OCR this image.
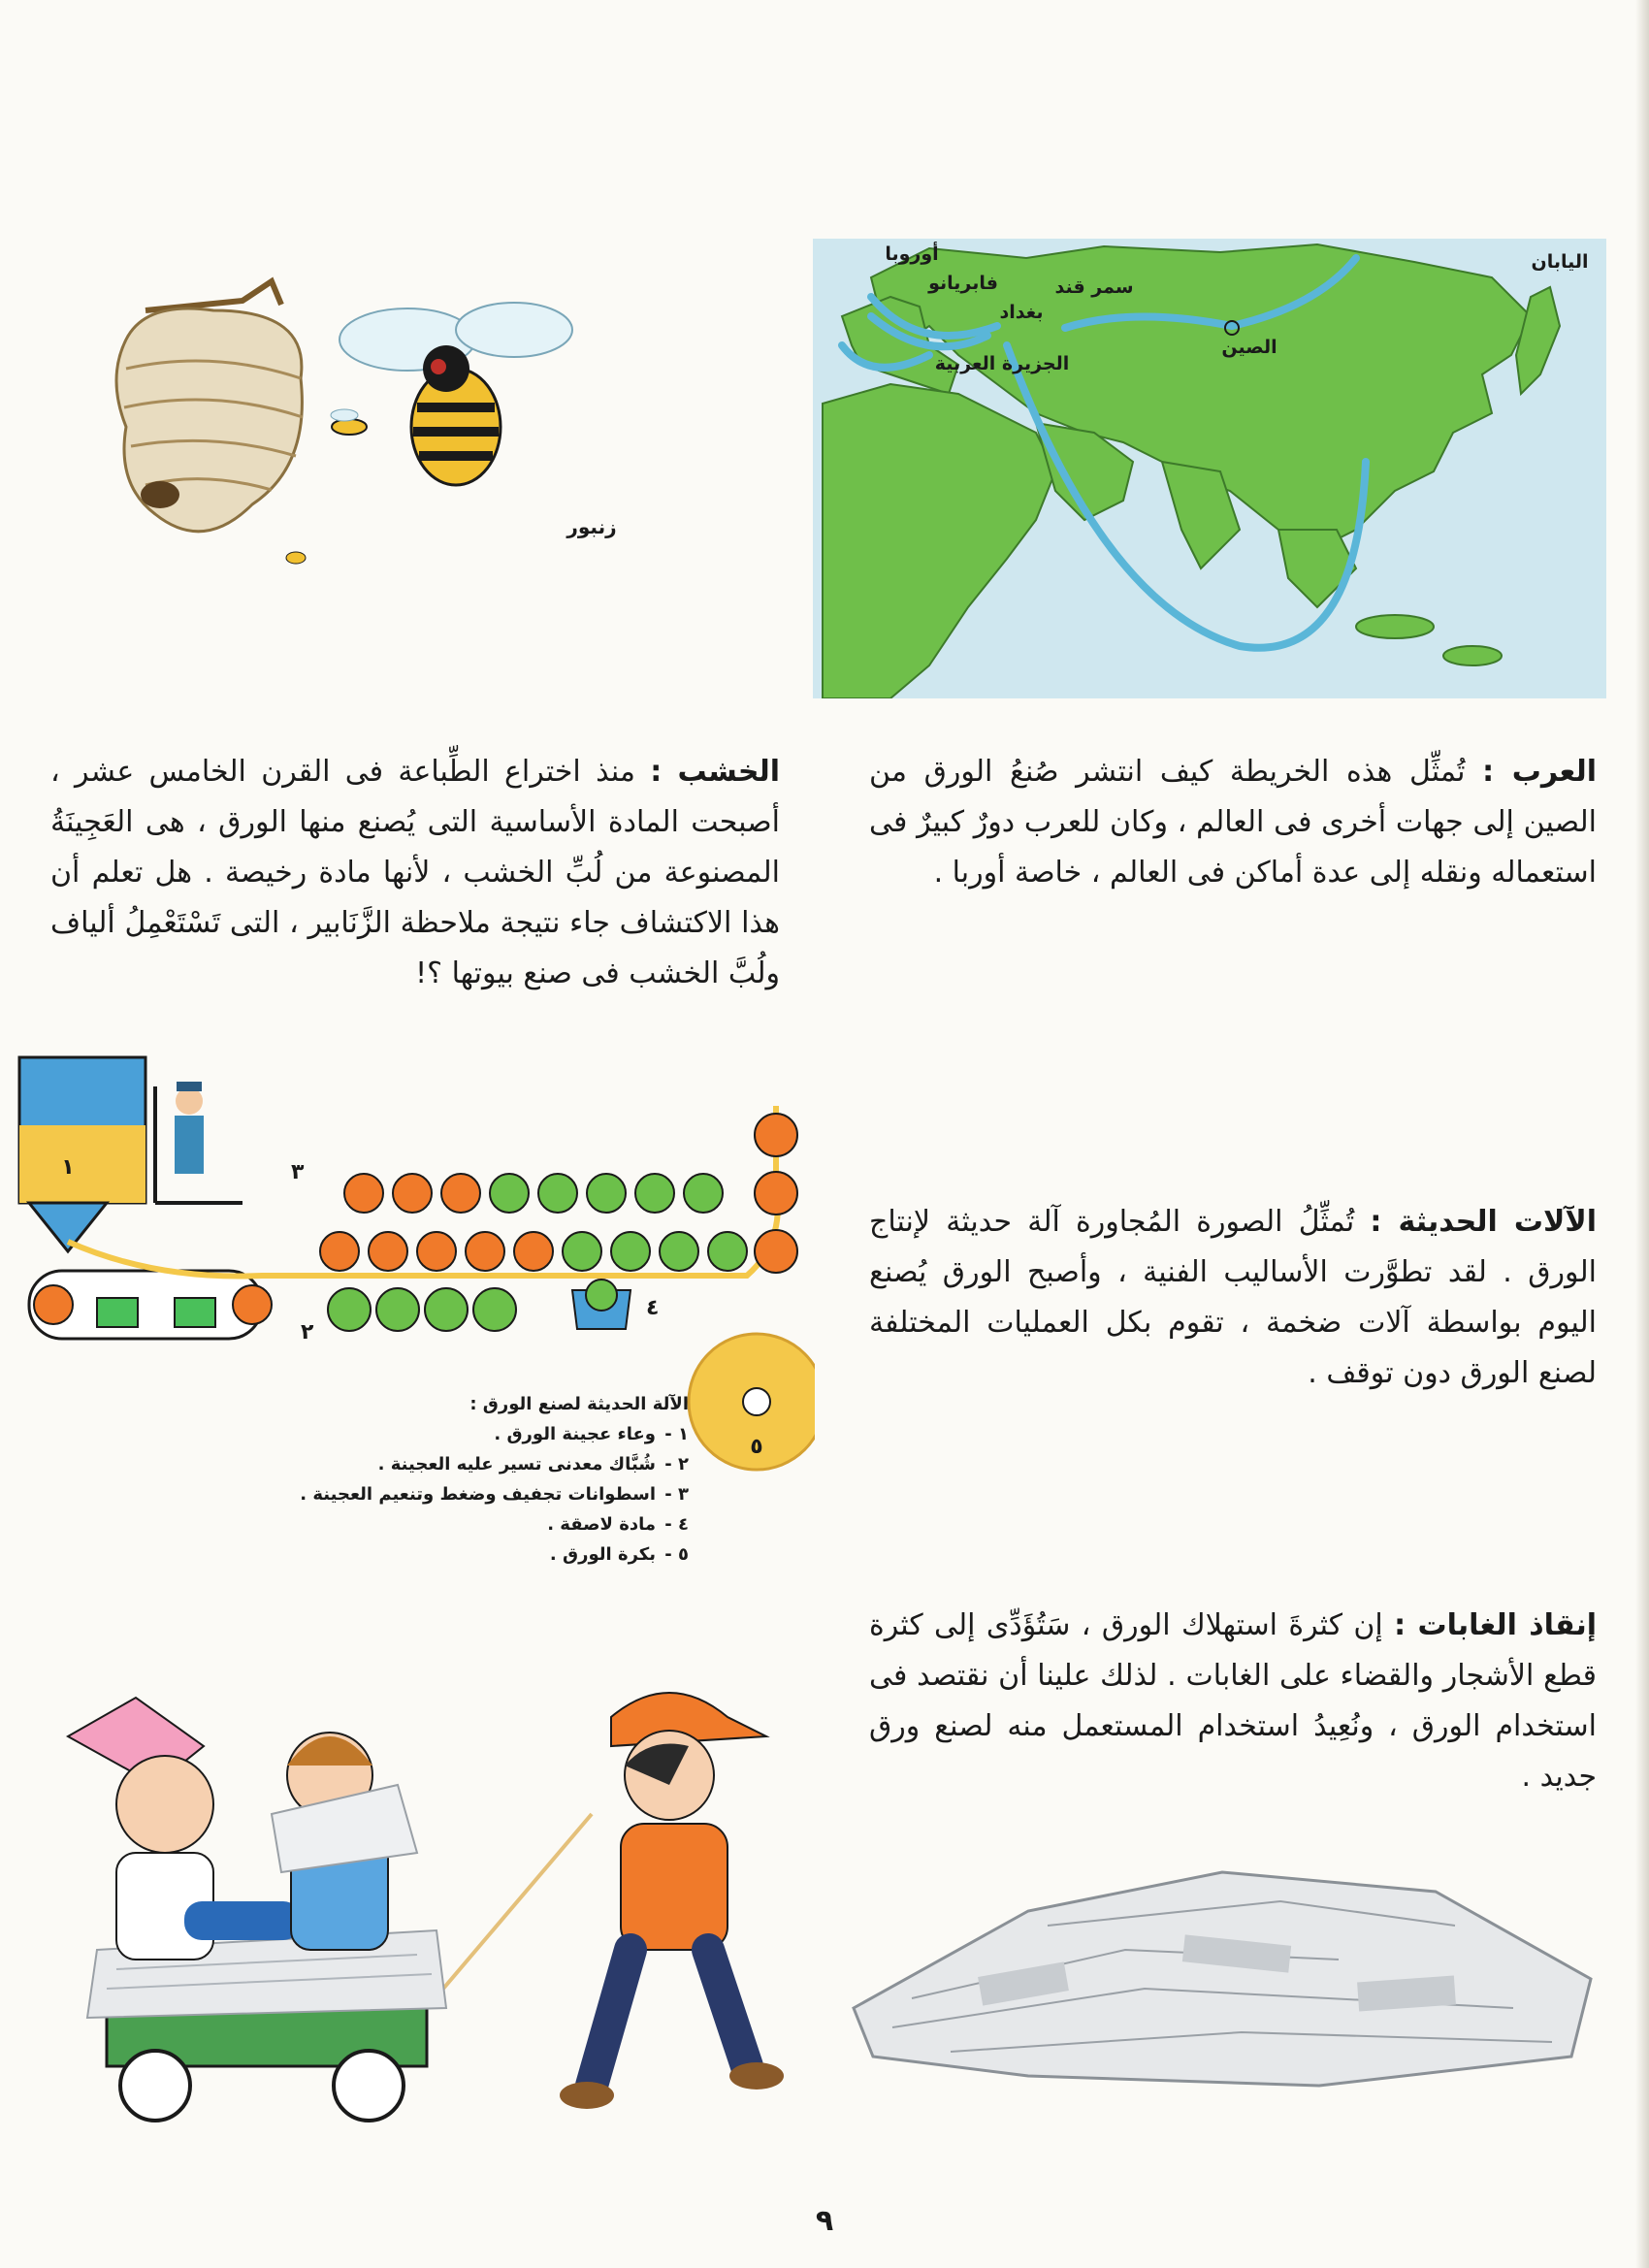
أوروبا
فابريانو	سمر قند
بغداد
الجزيرة العربية
الصين
اليابان
زنبور
العرب : تُمثِّل هذه الخريطة كيف انتشر صُنعُ الورق من الصين إلى جهات أخرى فى العالم ، وكان للعرب دورٌ كبيرٌ فى استعماله ونقله إلى عدة أماكن فى العالم ، خاصة أوربا .
الخشب : منذ اختراع الطِّباعة فى القرن الخامس عشر ، أصبحت المادة الأساسية التى يُصنع منها الورق ، هى العَجِينَةُ المصنوعة من لُبِّ الخشب ، لأنها مادة رخيصة . هل تعلم أن هذا الاكتشاف جاء نتيجة ملاحظة الزَّنَابير ، التى تَسْتَعْمِلُ ألياف ولُبَّ الخشب فى صنع بيوتها ؟!
١
٢
٣
٤
٥
الآلات الحديثة : تُمثِّلُ الصورة المُجاورة آلة حديثة لإنتاج الورق . لقد تطوَّرت الأساليب الفنية ، وأصبح الورق يُصنع اليوم بواسطة آلات ضخمة ، تقوم بكل العمليات المختلفة لصنع الورق دون توقف .
الآلة الحديثة لصنع الورق :
١ -وعاء عجينة الورق .
٢ -شُبَّاك معدنى تسير عليه العجينة .
٣ -اسطوانات تجفيف وضغط وتنعيم العجينة .
٤ -مادة لاصقة .
٥ -بكرة الورق .
إنقاذ الغابات : إن كثرةَ استهلاك الورق ، سَتُؤَدِّى إلى كثرة قطع الأشجار والقضاء على الغابات . لذلك علينا أن نقتصد فى استخدام الورق ، ونُعِيدُ استخدام المستعمل منه لصنع ورق جديد .
٩
